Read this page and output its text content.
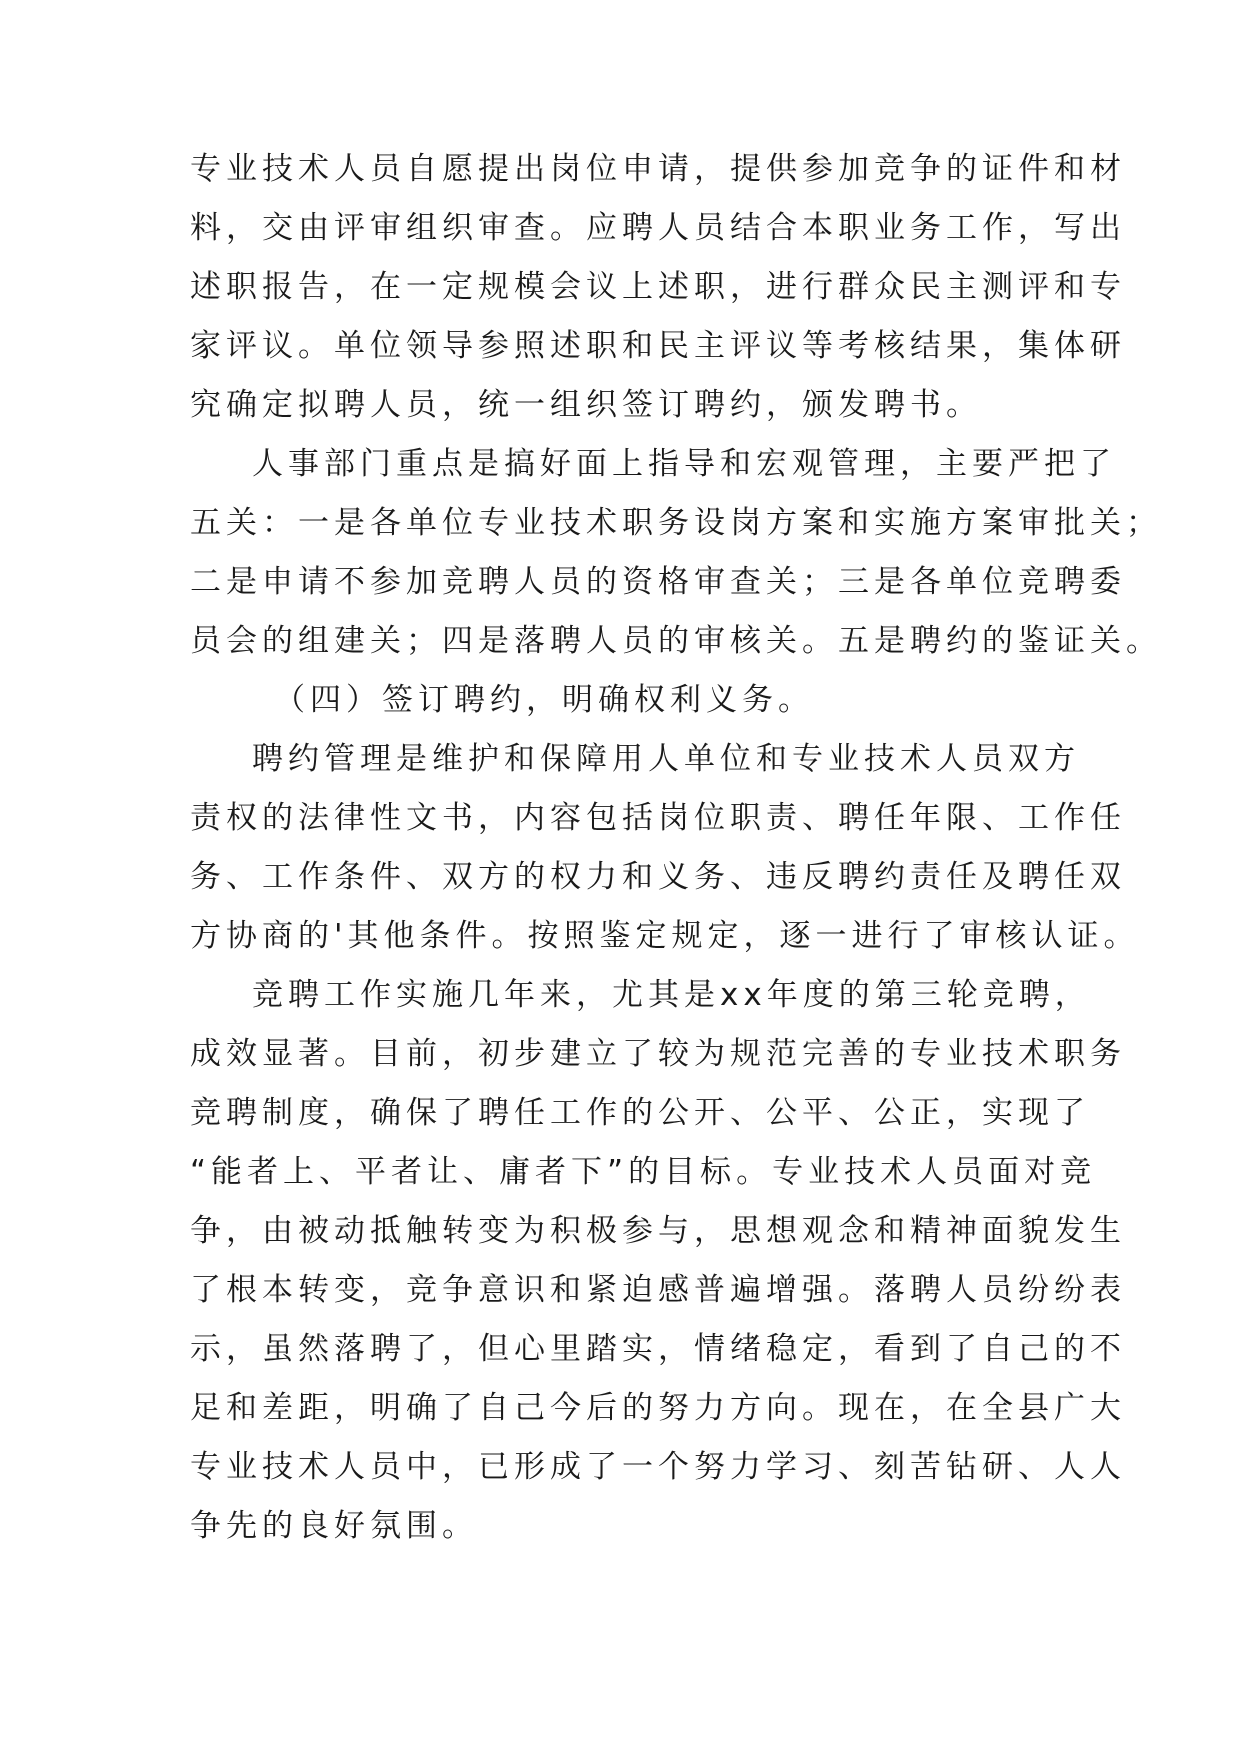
专业技术人员自愿提出岗位申请，提供参加竞争的证件和材
料，交由评审组织审查。应聘人员结合本职业务工作，写出
述职报告，在一定规模会议上述职，进行群众民主测评和专
家评议。单位领导参照述职和民主评议等考核结果，集体研
究确定拟聘人员，统一组织签订聘约，颁发聘书。
人事部门重点是搞好面上指导和宏观管理，主要严把了
五关：一是各单位专业技术职务设岗方案和实施方案审批关；
二是申请不参加竞聘人员的资格审查关；三是各单位竞聘委
员会的组建关；四是落聘人员的审核关。五是聘约的鉴证关。
（四）签订聘约，明确权利义务。
聘约管理是维护和保障用人单位和专业技术人员双方
责权的法律性文书，内容包括岗位职责、聘任年限、工作任
务、工作条件、双方的权力和义务、违反聘约责任及聘任双
方协商的'其他条件。按照鉴定规定，逐一进行了审核认证。
竞聘工作实施几年来，尤其是xx年度的第三轮竞聘，
成效显著。目前，初步建立了较为规范完善的专业技术职务
竞聘制度，确保了聘任工作的公开、公平、公正，实现了
“能者上、平者让、庸者下”的目标。专业技术人员面对竞
争，由被动抵触转变为积极参与，思想观念和精神面貌发生
了根本转变，竞争意识和紧迫感普遍增强。落聘人员纷纷表
示，虽然落聘了，但心里踏实，情绪稳定，看到了自己的不
足和差距，明确了自己今后的努力方向。现在，在全县广大
专业技术人员中，已形成了一个努力学习、刻苦钻研、人人
争先的良好氛围。
